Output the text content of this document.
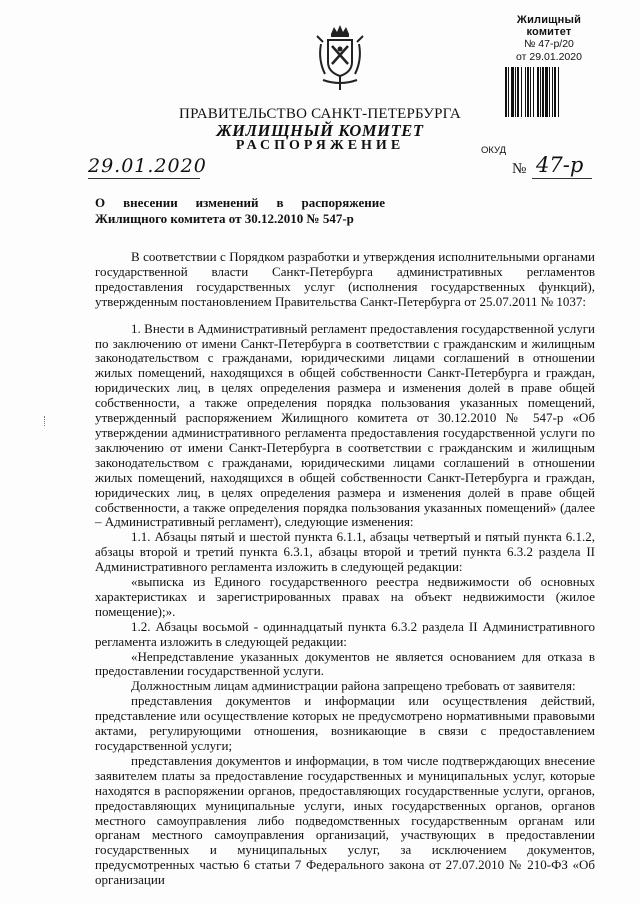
Жилищный комитет
№ 47-р/20
от 29.01.2020
ПРАВИТЕЛЬСТВО САНКТ-ПЕТЕРБУРГА
ЖИЛИЩНЫЙ КОМИТЕТ
РАСПОРЯЖЕНИЕ	ОКУД
29.01.2020	№ 47-р
О внесении изменений в распоряжение
Жилищного комитета от 30.12.2010 № 547-р

В соответствии с Порядком разработки и утверждения исполнительными органами государственной власти Санкт-Петербурга административных регламентов предоставления государственных услуг (исполнения государственных функций), утвержденным постановлением Правительства Санкт-Петербурга от 25.07.2011 № 1037:

1. Внести в Административный регламент предоставления государственной услуги по заключению от имени Санкт-Петербурга в соответствии с гражданским и жилищным законодательством с гражданами, юридическими лицами соглашений в отношении жилых помещений, находящихся в общей собственности Санкт-Петербурга и граждан, юридических лиц, в целях определения размера и изменения долей в праве общей собственности, а также определения порядка пользования указанных помещений, утвержденный распоряжением Жилищного комитета от 30.12.2010 № 547-р «Об утверждении административного регламента предоставления государственной услуги по заключению от имени Санкт-Петербурга в соответствии с гражданским и жилищным законодательством с гражданами, юридическими лицами соглашений в отношении жилых помещений, находящихся в общей собственности Санкт-Петербурга и граждан, юридических лиц, в целях определения размера и изменения долей в праве общей собственности, а также определения порядка пользования указанных помещений» (далее – Административный регламент), следующие изменения:

1.1. Абзацы пятый и шестой пункта 6.1.1, абзацы четвертый и пятый пункта 6.1.2, абзацы второй и третий пункта 6.3.1, абзацы второй и третий пункта 6.3.2 раздела II Административного регламента изложить в следующей редакции:

«выписка из Единого государственного реестра недвижимости об основных характеристиках и зарегистрированных правах на объект недвижимости (жилое помещение);».

1.2. Абзацы восьмой - одиннадцатый пункта 6.3.2 раздела II Административного регламента изложить в следующей редакции:

«Непредставление указанных документов не является основанием для отказа в предоставлении государственной услуги.

Должностным лицам администрации района запрещено требовать от заявителя:

представления документов и информации или осуществления действий, представление или осуществление которых не предусмотрено нормативными правовыми актами, регулирующими отношения, возникающие в связи с предоставлением государственной услуги;

представления документов и информации, в том числе подтверждающих внесение заявителем платы за предоставление государственных и муниципальных услуг, которые находятся в распоряжении органов, предоставляющих государственные услуги, органов, предоставляющих муниципальные услуги, иных государственных органов, органов местного самоуправления либо подведомственных государственным органам или органам местного самоуправления организаций, участвующих в предоставлении государственных и муниципальных услуг, за исключением документов, предусмотренных частью 6 статьи 7 Федерального закона от 27.07.2010 № 210-ФЗ «Об организации
